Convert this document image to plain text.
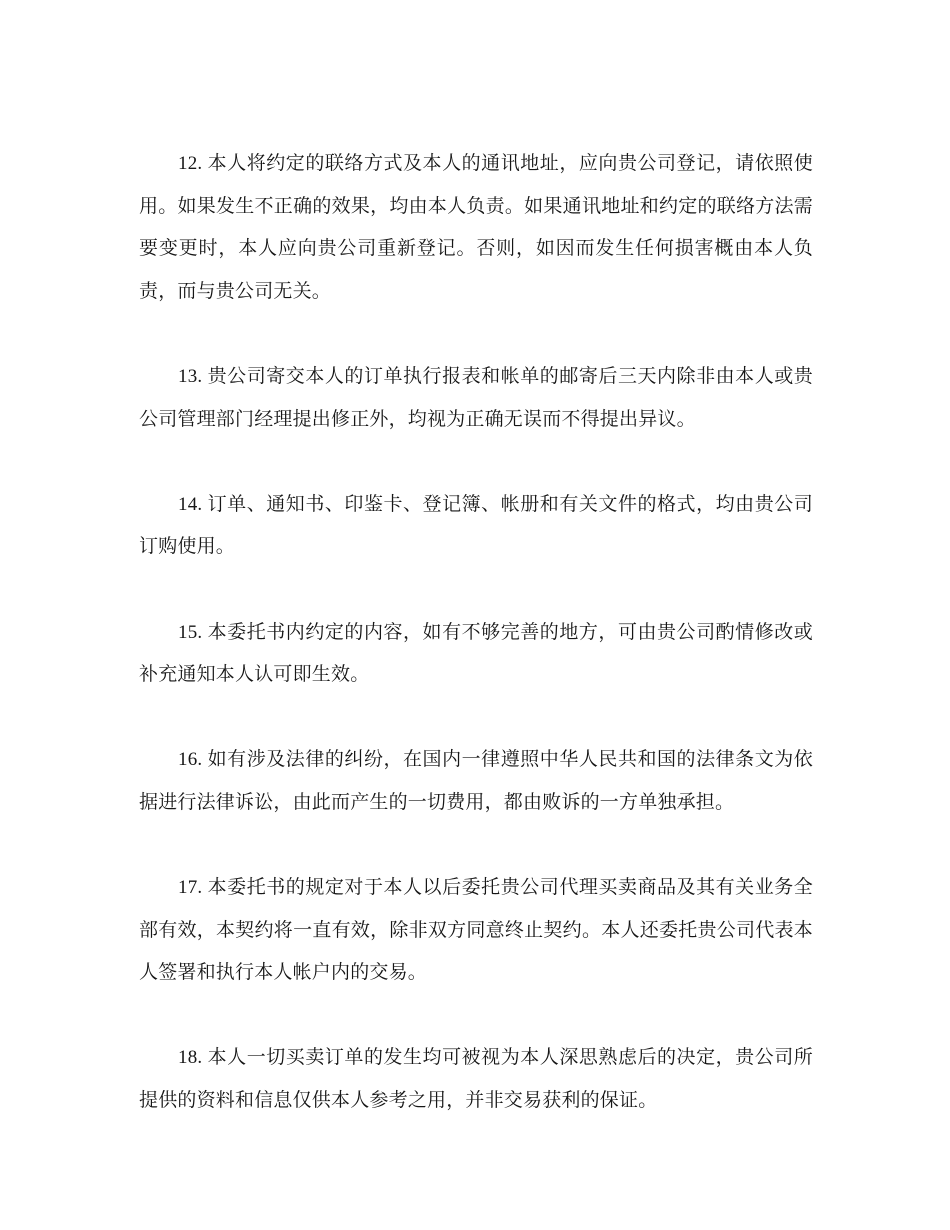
12. 本人将约定的联络方式及本人的通讯地址，应向贵公司登记，请依照使用。如果发生不正确的效果，均由本人负责。如果通讯地址和约定的联络方法需要变更时，本人应向贵公司重新登记。否则，如因而发生任何损害概由本人负责，而与贵公司无关。

13. 贵公司寄交本人的订单执行报表和帐单的邮寄后三天内除非由本人或贵公司管理部门经理提出修正外，均视为正确无误而不得提出异议。

14. 订单、通知书、印鉴卡、登记簿、帐册和有关文件的格式，均由贵公司订购使用。

15. 本委托书内约定的内容，如有不够完善的地方，可由贵公司酌情修改或补充通知本人认可即生效。

16. 如有涉及法律的纠纷，在国内一律遵照中华人民共和国的法律条文为依据进行法律诉讼，由此而产生的一切费用，都由败诉的一方单独承担。

17. 本委托书的规定对于本人以后委托贵公司代理买卖商品及其有关业务全部有效，本契约将一直有效，除非双方同意终止契约。本人还委托贵公司代表本人签署和执行本人帐户内的交易。

18. 本人一切买卖订单的发生均可被视为本人深思熟虑后的决定，贵公司所提供的资料和信息仅供本人参考之用，并非交易获利的保证。
